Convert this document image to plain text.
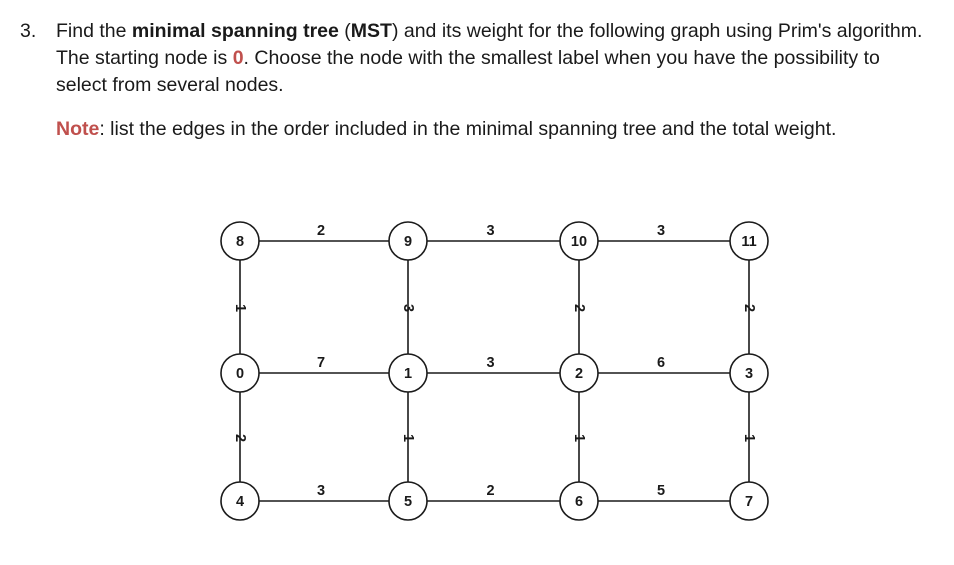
3. Find the minimal spanning tree (MST) and its weight for the following graph using Prim's algorithm. The starting node is 0. Choose the node with the smallest label when you have the possibility to select from several nodes.
Note: list the edges in the order included in the minimal spanning tree and the total weight.
2	3	3
7	3	6
3	2	5
1	3	2	2
2	1	1	1
8	9	10	11
0	1	2	3
4	5	6	7
